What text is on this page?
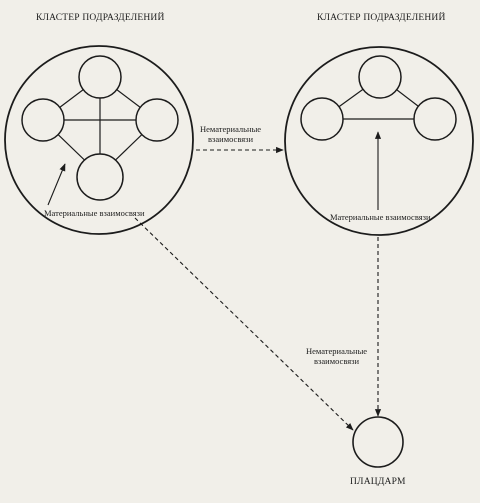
КЛАСТЕР ПОДРАЗДЕЛЕНИЙ	КЛАСТЕР ПОДРАЗДЕЛЕНИЙ
Материальные взаимосвязи	Материальные взаимосвязи
Нематериальные
взаимосвязи
Нематериальные
взаимосвязи
ПЛАЦДАРМ
